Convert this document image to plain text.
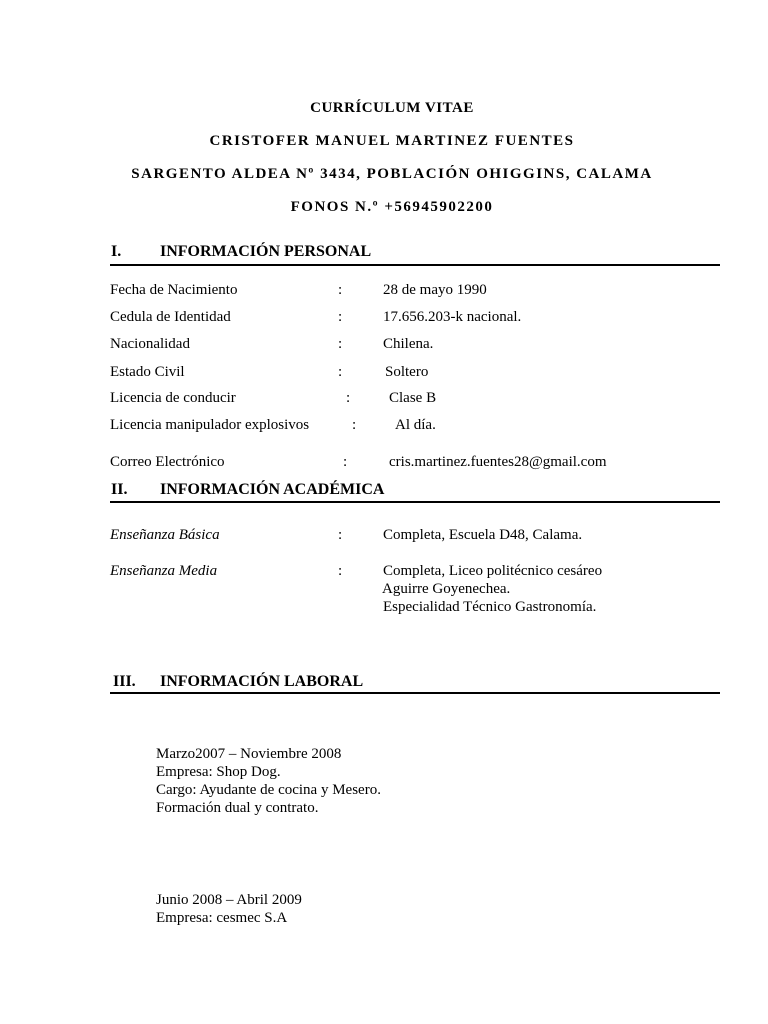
CURRÍCULUM VITAE
CRISTOFER MANUEL MARTINEZ FUENTES
SARGENTO ALDEA Nº 3434, POBLACIÓN OHIGGINS, CALAMA
FONOS N.º +56945902200
I. INFORMACIÓN PERSONAL
Fecha de Nacimiento	:	28 de mayo 1990
Cedula de Identidad	:	17.656.203-k nacional.
Nacionalidad	:	Chilena.
Estado Civil	:	Soltero
Licencia de conducir	:	Clase B
Licencia manipulador explosivos	:	Al día.
Correo Electrónico	:	cris.martinez.fuentes28@gmail.com
II. INFORMACIÓN ACADÉMICA
Enseñanza Básica	:	Completa, Escuela D48, Calama.
Enseñanza Media	:	Completa, Liceo politécnico cesáreo
Aguirre Goyenechea.
Especialidad Técnico Gastronomía.
III. INFORMACIÓN LABORAL
Marzo2007 – Noviembre 2008
Empresa: Shop Dog.
Cargo: Ayudante de cocina y Mesero.
Formación dual y contrato.
Junio 2008 – Abril 2009
Empresa: cesmec S.A
